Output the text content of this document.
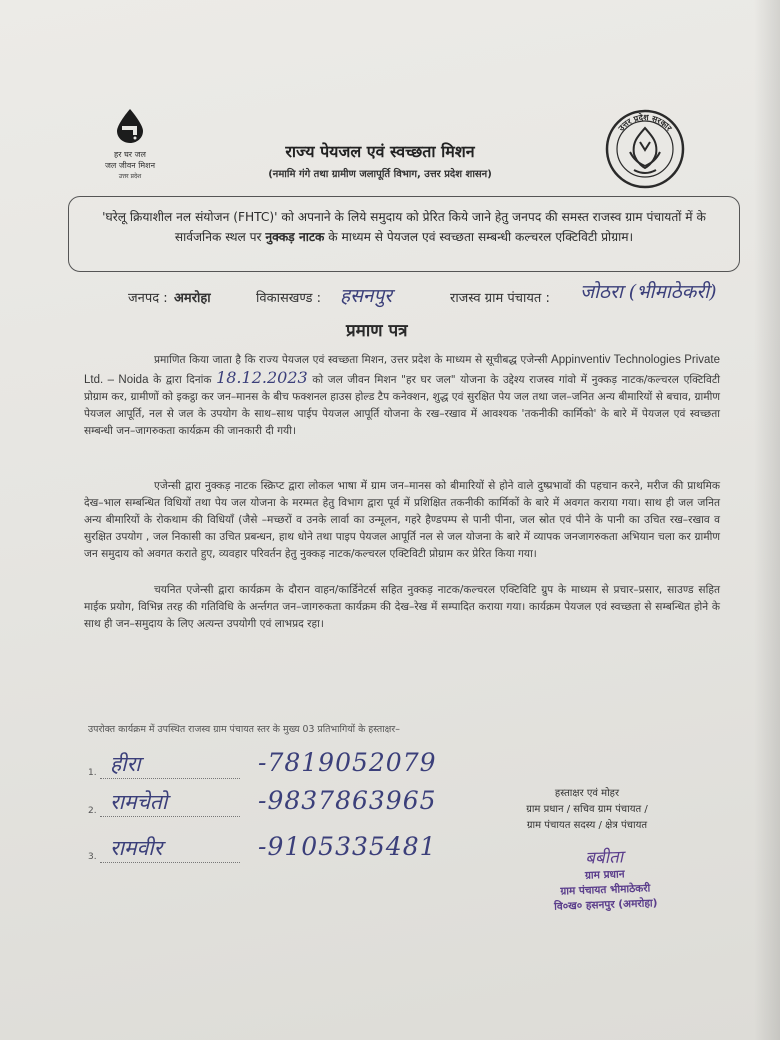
हर घर जल
जल जीवन मिशन
उत्तर प्रदेश
उत्तर प्रदेश सरकार
राज्य पेयजल एवं स्वच्छता मिशन
(नमामि गंगे तथा ग्रामीण जलापूर्ति विभाग, उत्तर प्रदेश शासन)
'घरेलू क्रियाशील नल संयोजन (FHTC)' को अपनाने के लिये समुदाय को प्रेरित किये जाने हेतु जनपद की समस्त राजस्व ग्राम पंचायतों में के सार्वजनिक स्थल पर नुक्कड़ नाटक के माध्यम से पेयजल एवं स्वच्छता सम्बन्धी कल्चरल एक्टिविटी प्रोग्राम।
जनपद : अमरोहा	विकासखण्ड : हसनपुर	राजस्व ग्राम पंचायत : जोठरा (भीमाठेकरी)
प्रमाण पत्र
प्रमाणित किया जाता है कि राज्य पेयजल एवं स्वच्छता मिशन, उत्तर प्रदेश के माध्यम से सूचीबद्ध एजेन्सी Appinventiv Technologies Private Ltd. – Noida के द्वारा दिनांक 18.12.2023 को जल जीवन मिशन "हर घर जल" योजना के उद्देश्य राजस्व गांवो में नुक्कड़ नाटक/कल्चरल एक्टिविटी प्रोग्राम कर, ग्रामीणों को इकट्ठा कर जन–मानस के बीच फक्शनल हाउस होल्ड टैप कनेक्शन, शुद्ध एवं सुरक्षित पेय जल तथा जल–जनित अन्य बीमारियों से बचाव, ग्रामीण पेयजल आपूर्ति, नल से जल के उपयोग के साथ–साथ पाईप पेयजल आपूर्ति योजना के रख–रखाव में आवश्यक 'तकनीकी कार्मिको' के बारे में पेयजल एवं स्वच्छता सम्बन्धी जन–जागरुकता कार्यक्रम की जानकारी दी गयी।
एजेन्सी द्वारा नुक्कड़ नाटक स्क्रिप्ट द्वारा लोकल भाषा में ग्राम जन–मानस को बीमारियों से होने वाले दुष्प्रभावों की पहचान करने, मरीज की प्राथमिक देख–भाल सम्बन्धित विधियों तथा पेय जल योजना के मरम्मत हेतु विभाग द्वारा पूर्व में प्रशिक्षित तकनीकी कार्मिकों के बारे में अवगत कराया गया। साथ ही जल जनित अन्य बीमारियों के रोकथाम की विधियाँ (जैसे –मच्छरों व उनके लार्वा का उन्मूलन, गहरे हैण्डपम्प से पानी पीना, जल स्रोत एवं पीने के पानी का उचित रख–रखाव व सुरक्षित उपयोग , जल निकासी का उचित प्रबन्धन, हाथ धोने तथा पाइप पेयजल आपूर्ति नल से जल योजना के बारे में व्यापक जनजागरुकता अभियान चला कर ग्रामीण जन समुदाय को अवगत कराते हुए, व्यवहार परिवर्तन हेतु नुक्कड़ नाटक/कल्चरल एक्टिविटी प्रोग्राम कर प्रेरित किया गया।
चयनित एजेन्सी द्वारा कार्यक्रम के दौरान वाहन/कार्डिनेटर्स सहित नुक्कड़ नाटक/कल्चरल एक्टिविटि ग्रुप के माध्यम से प्रचार–प्रसार, साउण्ड सहित माईक प्रयोग, विभिन्न तरह की गतिविधि के अर्न्तगत जन–जागरुकता कार्यक्रम की देख–रेख में सम्पादित कराया गया। कार्यक्रम पेयजल एवं स्वच्छता से सम्बन्धित होने के साथ ही जन–समुदाय के लिए अत्यन्त उपयोगी एवं लाभप्रद रहा।
उपरोक्त कार्यक्रम में उपस्थित राजस्व ग्राम पंचायत स्तर के मुख्य 03 प्रतिभागियों के हस्ताक्षर–
1. हीरा	-7819052079
2. रामचेतो	-9837863965
3. रामवीर	-9105335481
हस्ताक्षर एवं मोहर
ग्राम प्रधान / सचिव ग्राम पंचायत /
ग्राम पंचायत सदस्य / क्षेत्र पंचायत
बबीता
ग्राम प्रधान
ग्राम पंचायत भीमाठेकरी
वि०ख० हसनपुर (अमरोहा)
